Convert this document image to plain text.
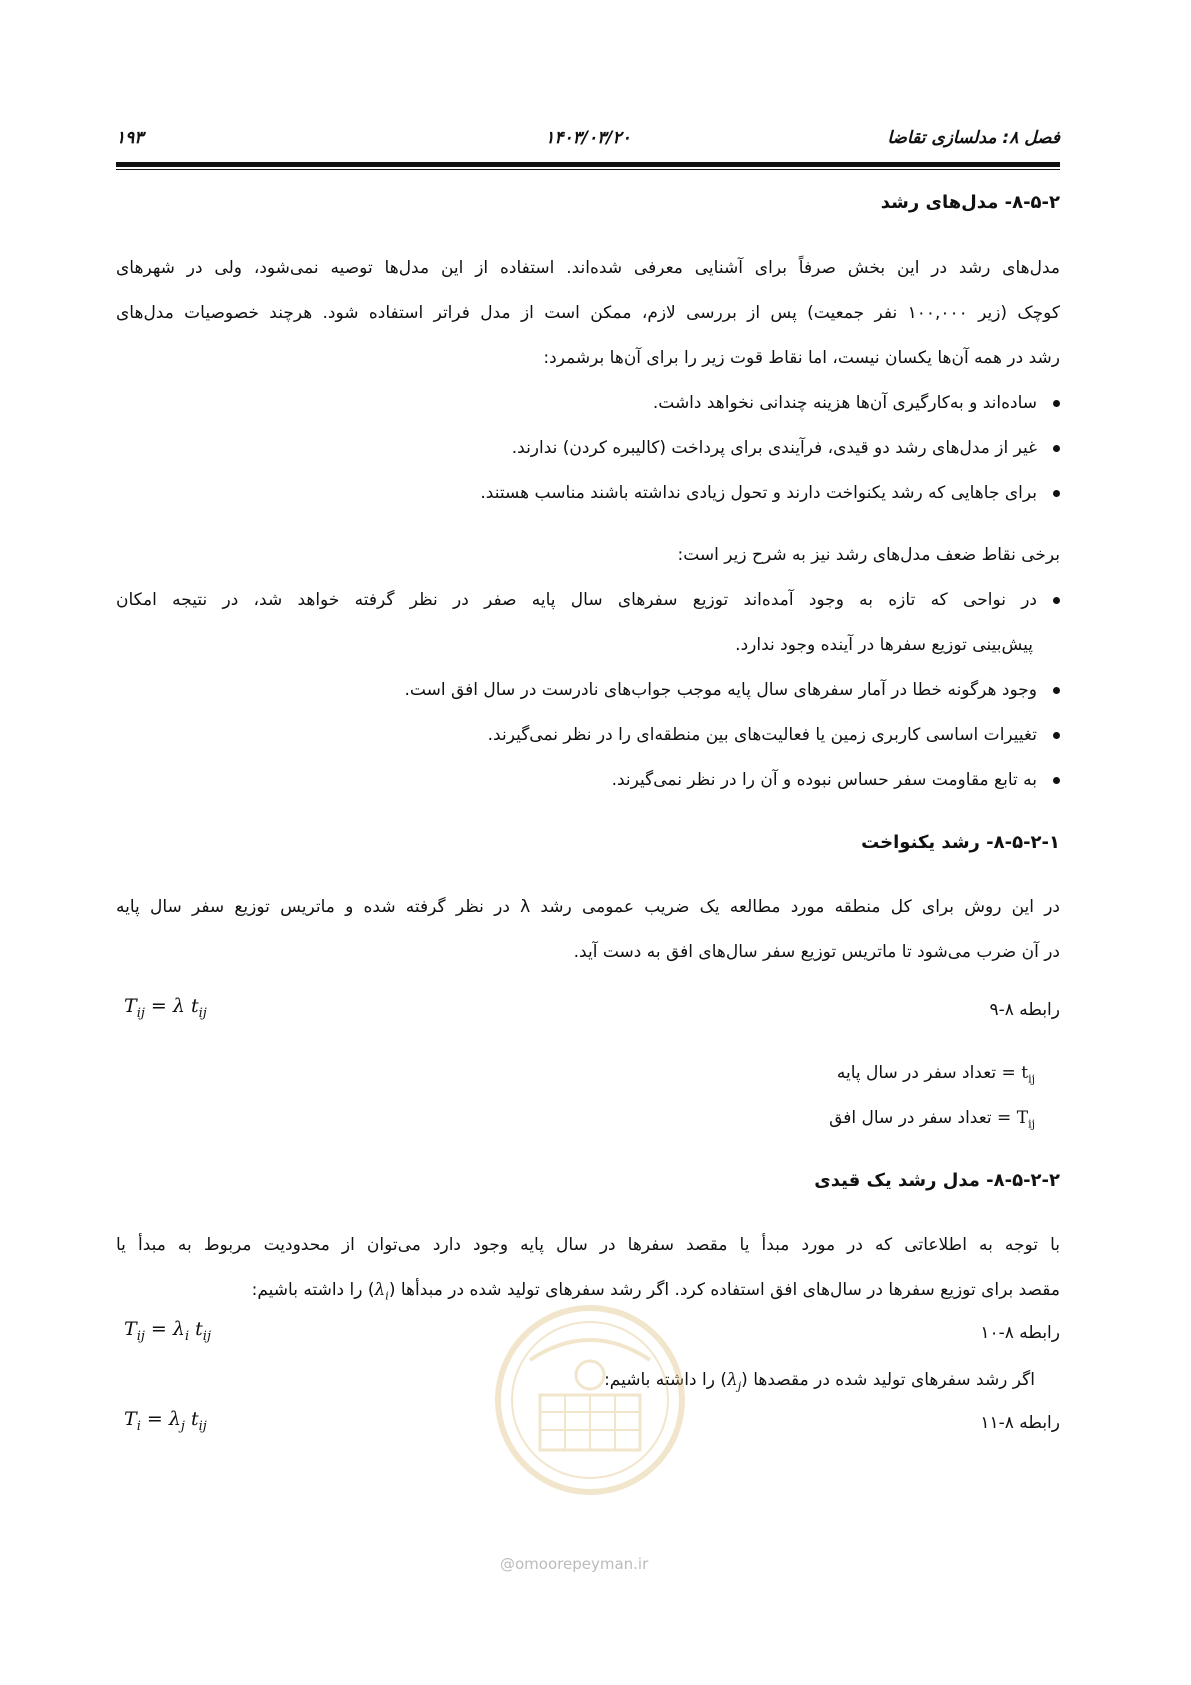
فصل ۸: مدلسازی تقاضا
۱۴۰۳/۰۳/۲۰
۱۹۳
۸-۵-۲- مدل‌های رشد
مدل‌های رشد در این بخش صرفاً برای آشنایی معرفی شده‌اند. استفاده از این مدل‌ها توصیه نمی‌شود، ولی در شهرهای
کوچک (زیر ۱۰۰,۰۰۰ نفر جمعیت) پس از بررسی لازم، ممکن است از مدل فراتر استفاده شود. هرچند خصوصیات مدل‌های
رشد در همه آن‌ها یکسان نیست، اما نقاط قوت زیر را برای آن‌ها برشمرد:
ساده‌اند و به‌کارگیری آن‌ها هزینه چندانی نخواهد داشت.
غیر از مدل‌های رشد دو قیدی، فرآیندی برای پرداخت (کالیبره کردن) ندارند.
برای جاهایی که رشد یکنواخت دارند و تحول زیادی نداشته باشند مناسب هستند.
برخی نقاط ضعف مدل‌های رشد نیز به شرح زیر است:
در نواحی که تازه به وجود آمده‌اند توزیع سفرهای سال پایه صفر در نظر گرفته خواهد شد، در نتیجه امکان
پیش‌بینی توزیع سفرها در آینده وجود ندارد.
وجود هرگونه خطا در آمار سفرهای سال پایه موجب جواب‌های نادرست در سال افق است.
تغییرات اساسی کاربری زمین یا فعالیت‌های بین منطقه‌ای را در نظر نمی‌گیرند.
به تابع مقاومت سفر حساس نبوده و آن را در نظر نمی‌گیرند.
۸-۵-۲-۱- رشد یکنواخت
در این روش برای کل منطقه مورد مطالعه یک ضریب عمومی رشد λ در نظر گرفته شده و ماتریس توزیع سفر سال پایه
در آن ضرب می‌شود تا ماتریس توزیع سفر سال‌های افق به دست آید.
$T_{ij} = \lambda$ $t_{ij}$	رابطه ۸-۹
$t_{ij}$ = تعداد سفر در سال پایه
$T_{ij}$ = تعداد سفر در سال افق
۸-۵-۲-۲- مدل رشد یک قیدی
با توجه به اطلاعاتی که در مورد مبدأ یا مقصد سفرها در سال پایه وجود دارد می‌توان از محدودیت مربوط به مبدأ یا
مقصد برای توزیع سفرها در سال‌های افق استفاده کرد. اگر رشد سفرهای تولید شده در مبدأها $(\lambda_i)$ را داشته باشیم:
$T_{ij} = \lambda_i$ $t_{ij}$	رابطه ۸-۱۰
اگر رشد سفرهای تولید شده در مقصدها $(\lambda_j)$ را داشته باشیم:
$T_i = \lambda_j$ $t_{ij}$	رابطه ۸-۱۱
@omoorepeyman.ir
